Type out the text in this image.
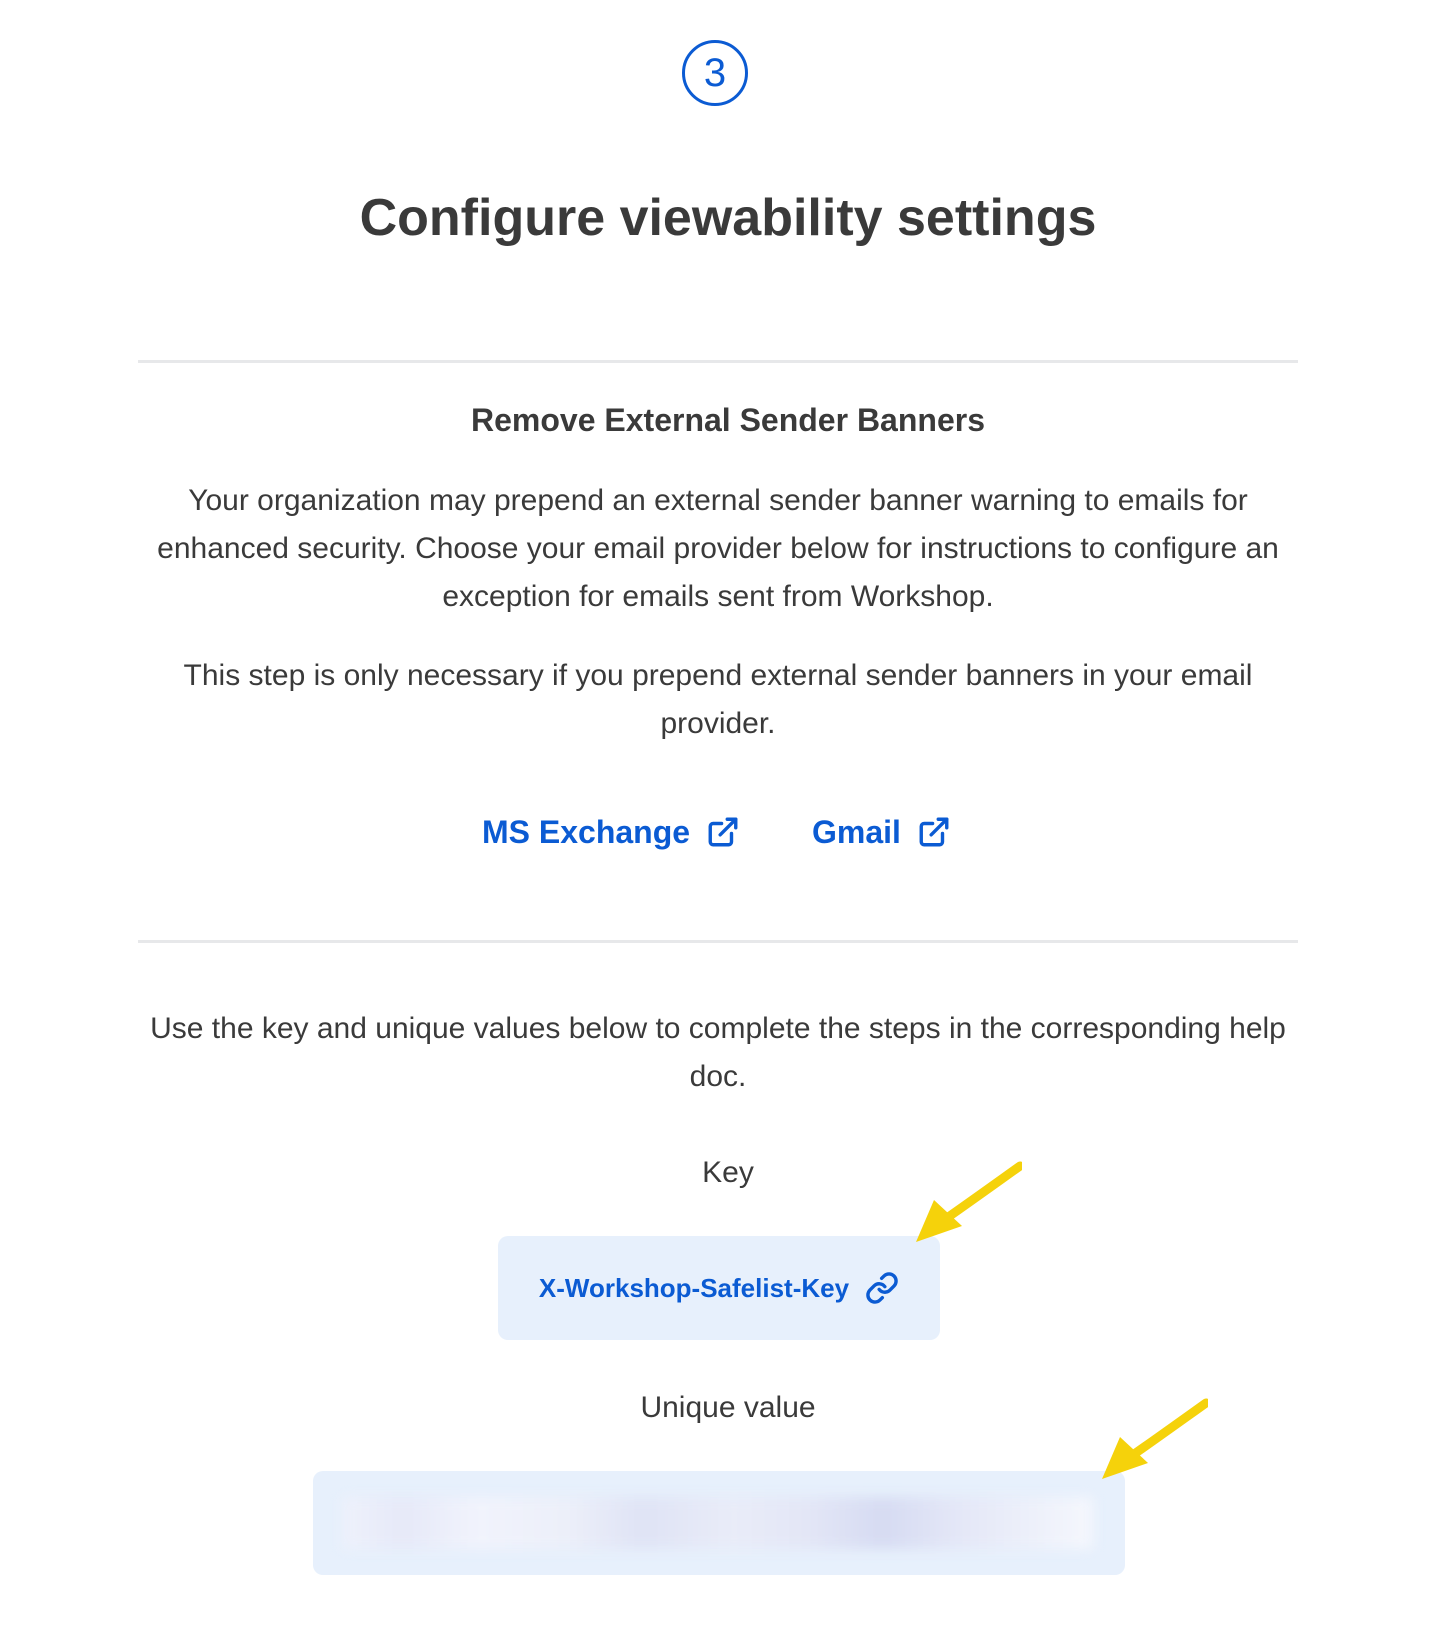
3
Configure viewability settings
Remove External Sender Banners

Your organization may prepend an external sender banner warning to emails for enhanced security. Choose your email provider below for instructions to configure an exception for emails sent from Workshop.

This step is only necessary if you prepend external sender banners in your email provider.

MS Exchange	Gmail

Use the key and unique values below to complete the steps in the corresponding help doc.

Key

X-Workshop-Safelist-Key

Unique value
